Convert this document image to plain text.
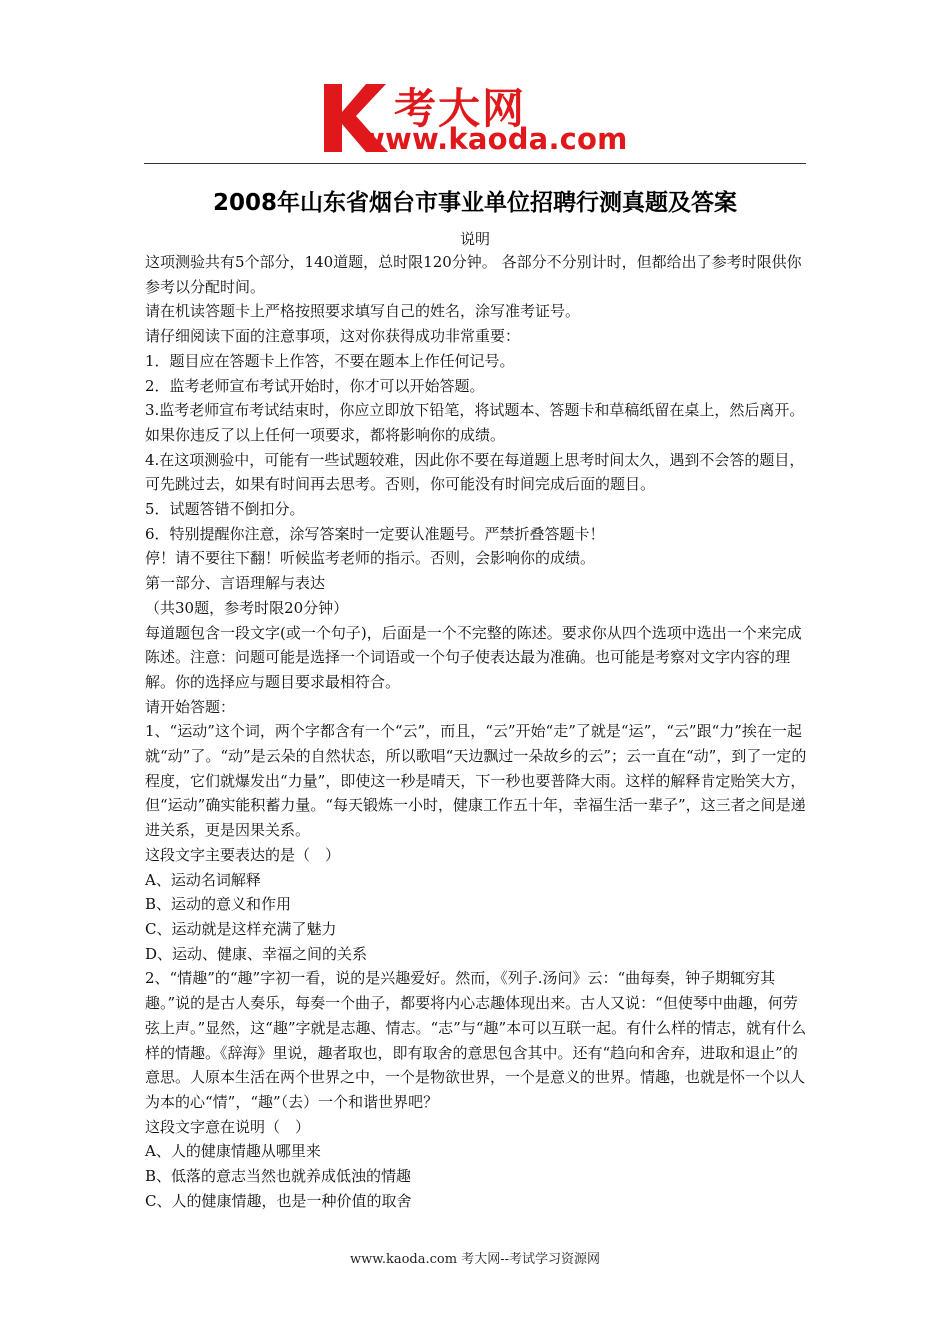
考大网
www.kaoda.com
2008年山东省烟台市事业单位招聘行测真题及答案
说明

这项测验共有5个部分，140道题，总时限120分钟。 各部分不分别计时，但都给出了参考时限供你参考以分配时间。

请在机读答题卡上严格按照要求填写自己的姓名，涂写准考证号。

请仔细阅读下面的注意事项，这对你获得成功非常重要：

1．题目应在答题卡上作答，不要在题本上作任何记号。

2．监考老师宣布考试开始时，你才可以开始答题。

3.监考老师宣布考试结束时，你应立即放下铅笔，将试题本、答题卡和草稿纸留在桌上，然后离开。如果你违反了以上任何一项要求，都将影响你的成绩。

4.在这项测验中，可能有一些试题较难，因此你不要在每道题上思考时间太久，遇到不会答的题目，可先跳过去，如果有时间再去思考。否则，你可能没有时间完成后面的题目。

5．试题答错不倒扣分。

6．特别提醒你注意，涂写答案时一定要认准题号。严禁折叠答题卡！

停！请不要往下翻！听候监考老师的指示。否则，会影响你的成绩。

第一部分、言语理解与表达

（共30题，参考时限20分钟）

每道题包含一段文字(或一个句子)，后面是一个不完整的陈述。要求你从四个选项中选出一个来完成陈述。注意：问题可能是选择一个词语或一个句子使表达最为准确。也可能是考察对文字内容的理解。你的选择应与题目要求最相符合。

请开始答题：

1、“运动”这个词，两个字都含有一个“云”，而且，“云”开始“走”了就是“运”，“云”跟“力”挨在一起就“动”了。“动”是云朵的自然状态，所以歌唱“天边飘过一朵故乡的云”；云一直在“动”，到了一定的程度，它们就爆发出“力量”，即使这一秒是晴天，下一秒也要普降大雨。这样的解释肯定贻笑大方，但“运动”确实能积蓄力量。“每天锻炼一小时，健康工作五十年，幸福生活一辈子”，这三者之间是递进关系，更是因果关系。

这段文字主要表达的是（　）

A、运动名词解释

B、运动的意义和作用

C、运动就是这样充满了魅力

D、运动、健康、幸福之间的关系

2、“情趣”的“趣”字初一看，说的是兴趣爱好。然而，《列子.汤问》云：“曲每奏，钟子期辄穷其趣。”说的是古人奏乐，每奏一个曲子，都要将内心志趣体现出来。古人又说：“但使琴中曲趣，何劳弦上声。”显然，这“趣”字就是志趣、情志。“志”与“趣”本可以互联一起。有什么样的情志，就有什么样的情趣。《辞海》里说，趣者取也，即有取舍的意思包含其中。还有“趋向和舍弃，进取和退止”的意思。人原本生活在两个世界之中，一个是物欲世界，一个是意义的世界。情趣，也就是怀一个以人为本的心“情”，“趣”（去）一个和谐世界吧？

这段文字意在说明（　）

A、人的健康情趣从哪里来

B、低落的意志当然也就养成低浊的情趣

C、人的健康情趣，也是一种价值的取舍

www.kaoda.com 考大网--考试学习资源网
